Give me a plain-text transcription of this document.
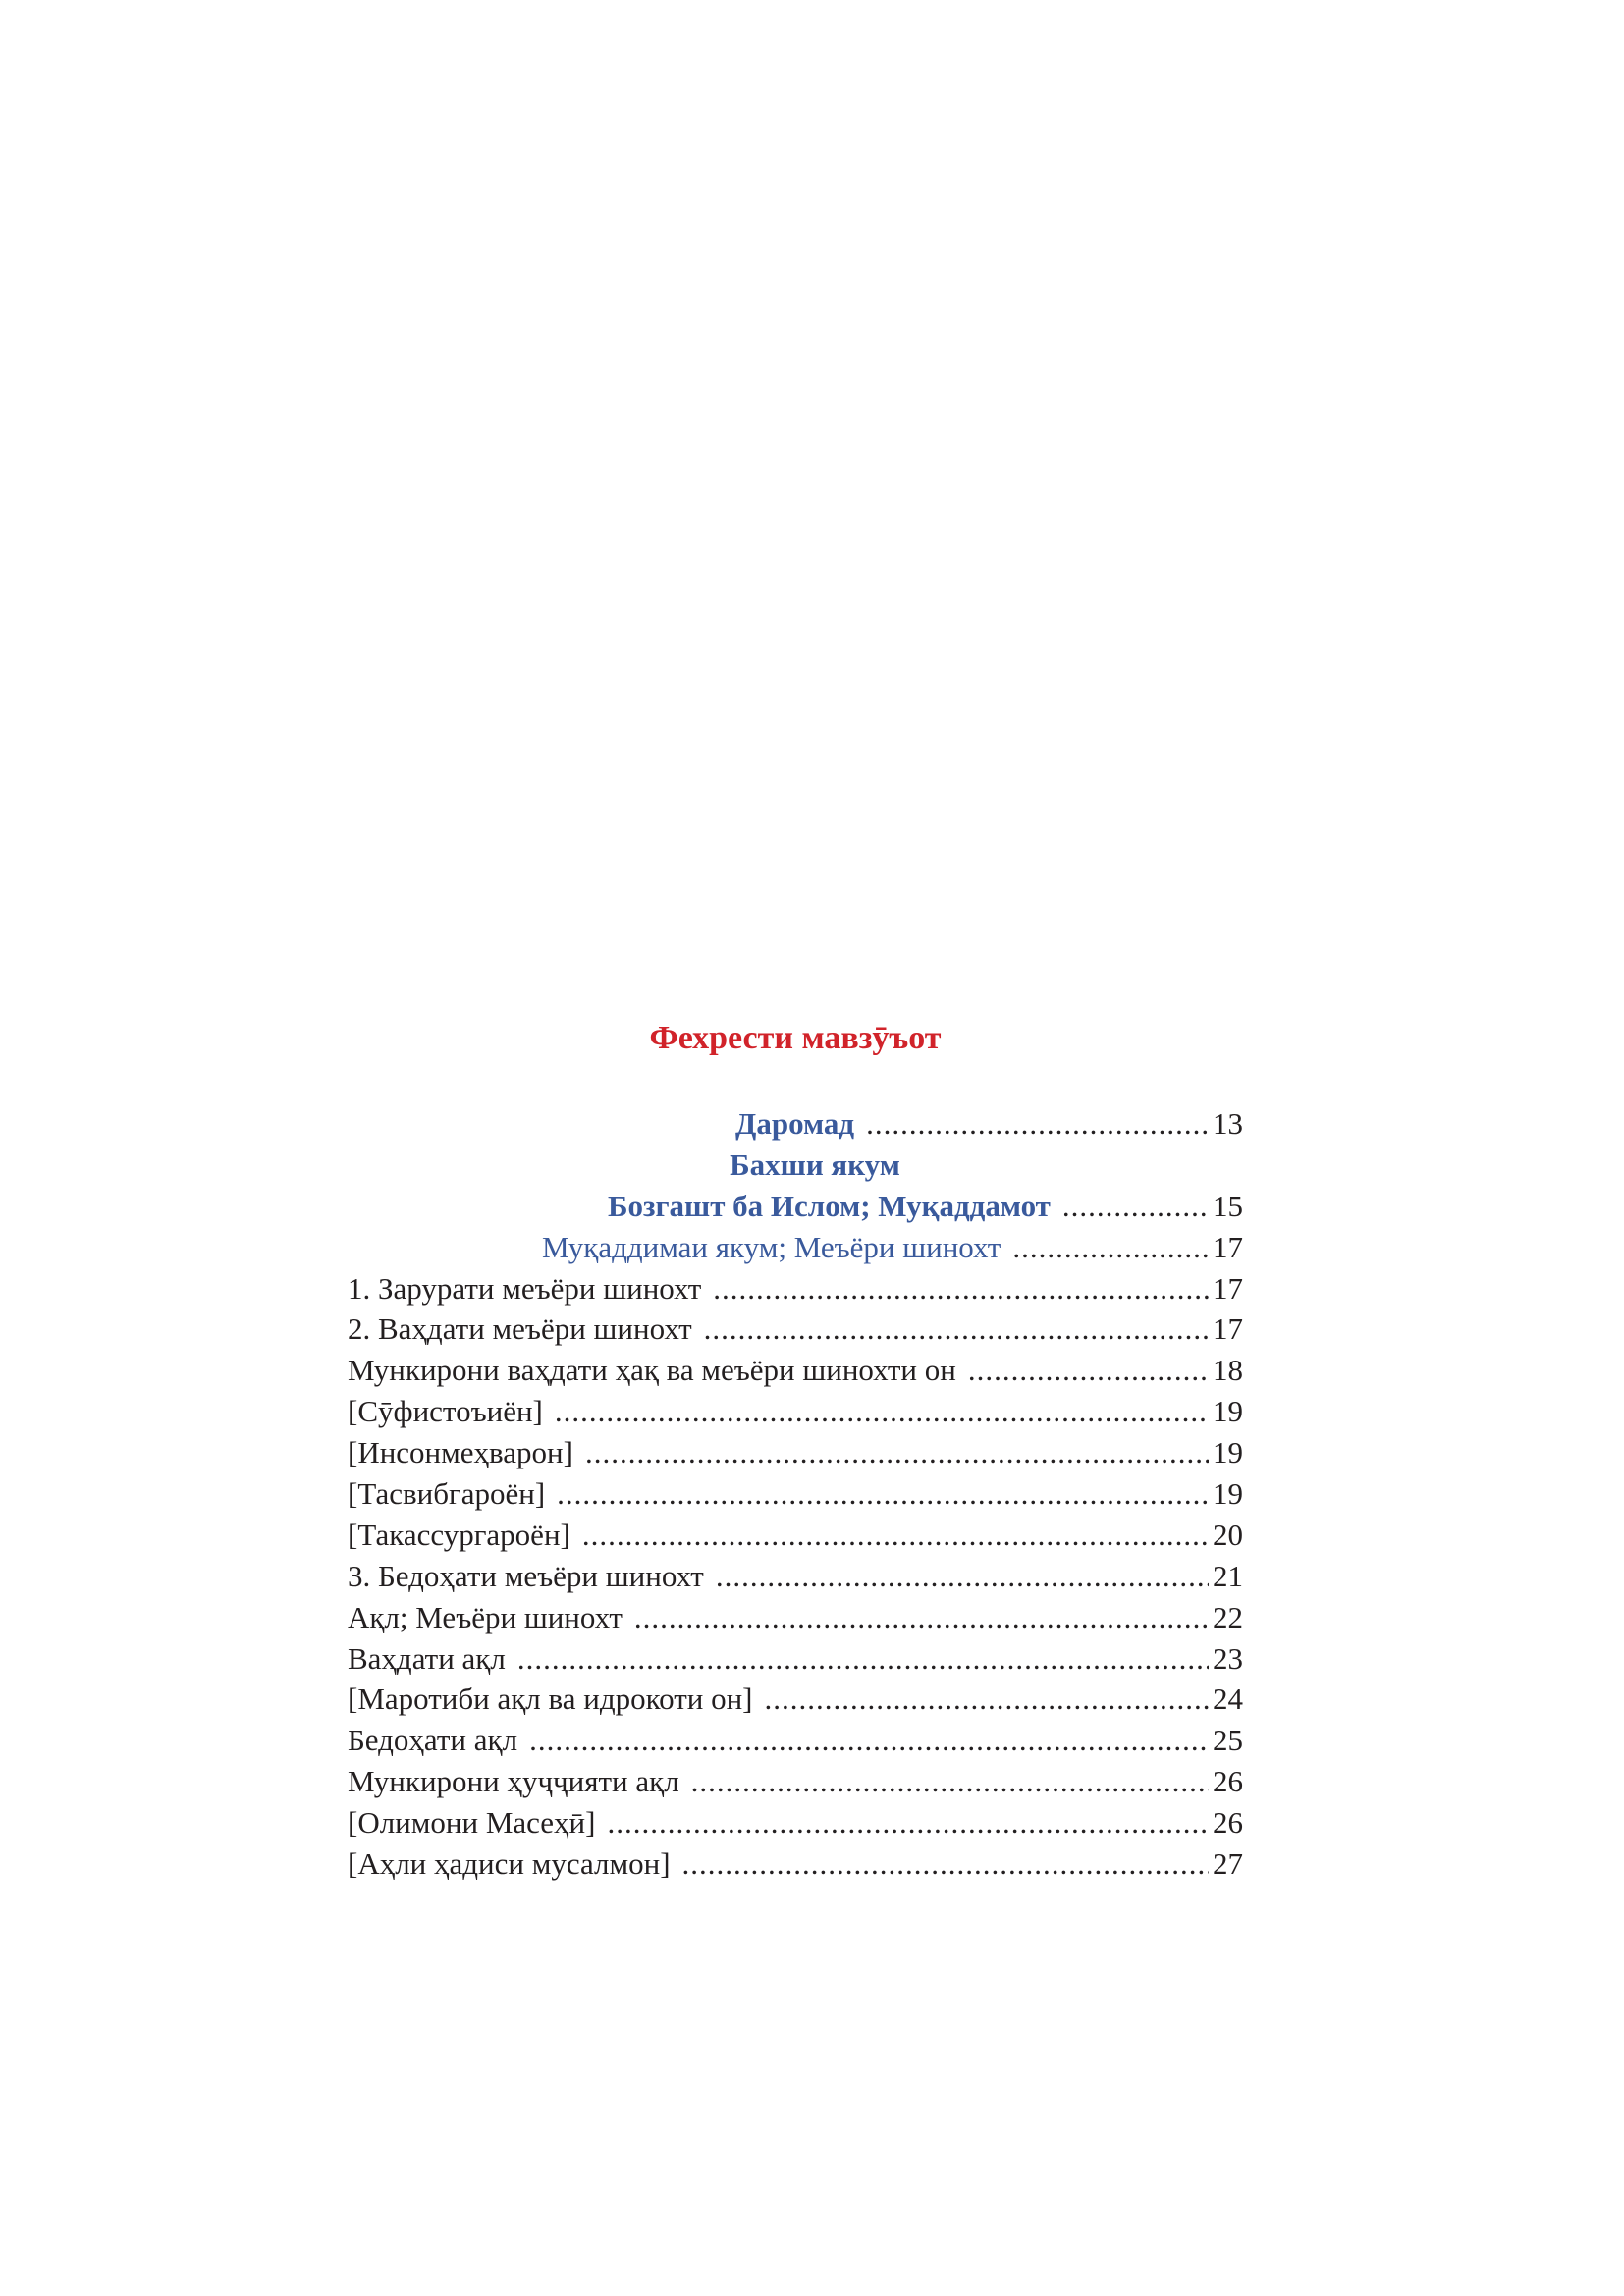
Фехрести мавзӯъот
Даромад .....	13
Бахши якум
Бозгашт ба Ислом; Муқаддамот .....	15
Муқаддимаи якум; Меъёри шинохт .....	17
1. Зарурати меъёри шинохт .....	17
2. Ваҳдати меъёри шинохт .....	17
Мункирони ваҳдати ҳақ ва меъёри шинохти он .....	18
[Сӯфистоъиён] .....	19
[Инсонмеҳварон] .....	19
[Тасвибгароён] .....	19
[Такассургароён] .....	20
3. Бедоҳати меъёри шинохт .....	21
Ақл; Меъёри шинохт .....	22
Ваҳдати ақл .....	23
[Маротиби ақл ва идрокоти он] .....	24
Бедоҳати ақл .....	25
Мункирони ҳуҷҷияти ақл .....	26
[Олимони Масеҳӣ] .....	26
[Аҳли ҳадиси мусалмон] .....	27
